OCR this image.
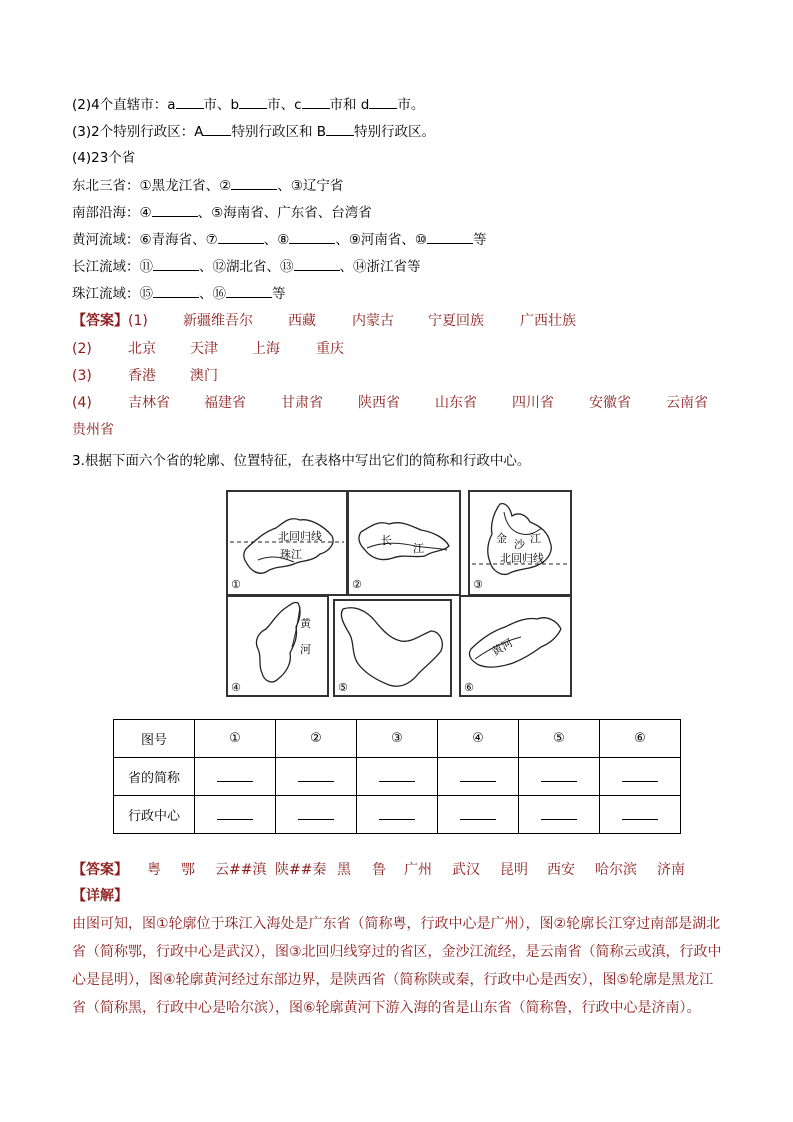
(2)4个直辖市：a 市、b 市、c 市和 d 市。
(3)2个特别行政区：A 特别行政区和 B 特别行政区。
(4)23个省
东北三省：①黑龙江省、②	、③辽宁省
南部沿海：④	、⑤海南省、广东省、台湾省
黄河流域：⑥青海省、⑦	、⑧	、⑨河南省、⑩	等
长江流域：⑪	、⑫湖北省、⑬	、⑭浙江省等
珠江流域：⑮	、⑯	等
【答案】(1)	新疆维吾尔	西藏	内蒙古 宁夏回族	广西壮族
(2)	北京 天津 上海	重庆
(3)	香港 澳门
(4)	吉林省 福建省	甘肃省	陕西省	山东省	四川省	安徽省	云南省
贵州省
3.根据下面六个省的轮廓、位置特征，在表格中写出它们的简称和行政中心。
北回归线
珠江
①
长
江
②
金 沙 江
北回归线
③
黄
河
④	⑤
黄河
⑥
图号	①	②	③	④	⑤	⑥
省的简称						
行政中心						
【答案】 粤 鄂 云##滇 陕##秦 黑 鲁 广州 武汉 昆明 西安 哈尔滨 济南
【详解】
由图可知，图①轮廓位于珠江入海处是广东省（简称粤，行政中心是广州），图②轮廓长江穿过南部是湖北省（简称鄂，行政中心是武汉），图③北回归线穿过的省区，金沙江流经，是云南省（简称云或滇，行政中心是昆明），图④轮廓黄河经过东部边界，是陕西省（简称陕或秦，行政中心是西安），图⑤轮廓是黑龙江省（简称黑，行政中心是哈尔滨），图⑥轮廓黄河下游入海的省是山东省（简称鲁，行政中心是济南）。
